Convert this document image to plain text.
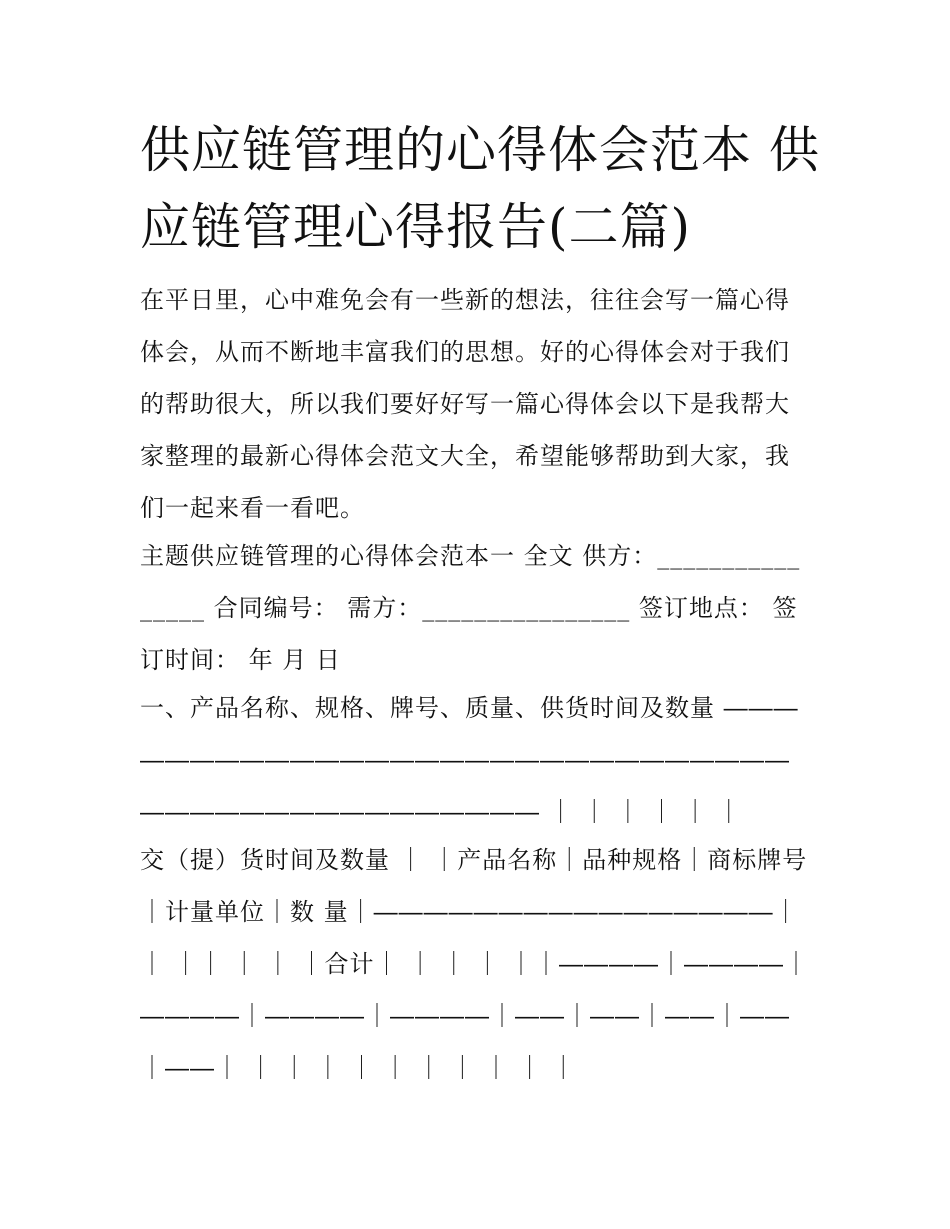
供应链管理的心得体会范本 供应链管理心得报告(二篇)

在平日里，心中难免会有一些新的想法，往往会写一篇心得体会，从而不断地丰富我们的思想。好的心得体会对于我们的帮助很大，所以我们要好好写一篇心得体会以下是我帮大家整理的最新心得体会范文大全，希望能够帮助到大家，我们一起来看一看吧。

主题供应链管理的心得体会范本一 全文 供方：________________ 合同编号： 需方：________________ 签订地点： 签订时间： 年 月 日

一、产品名称、规格、牌号、质量、供货时间及数量 ――――――――――――――――――――――――――――――――――――――――――――― ｜ ｜ ｜ ｜ ｜ ｜

交（提）货时间及数量 ｜ ｜产品名称｜品种规格｜商标牌号｜计量单位｜数 量｜――――――――――――――――｜ ｜ ｜｜ ｜ ｜ ｜合计｜ ｜ ｜ ｜ ｜｜――――｜――――｜――――｜――――｜――――｜――｜――｜――｜――｜――｜ ｜ ｜ ｜ ｜ ｜ ｜ ｜ ｜ ｜ ｜
